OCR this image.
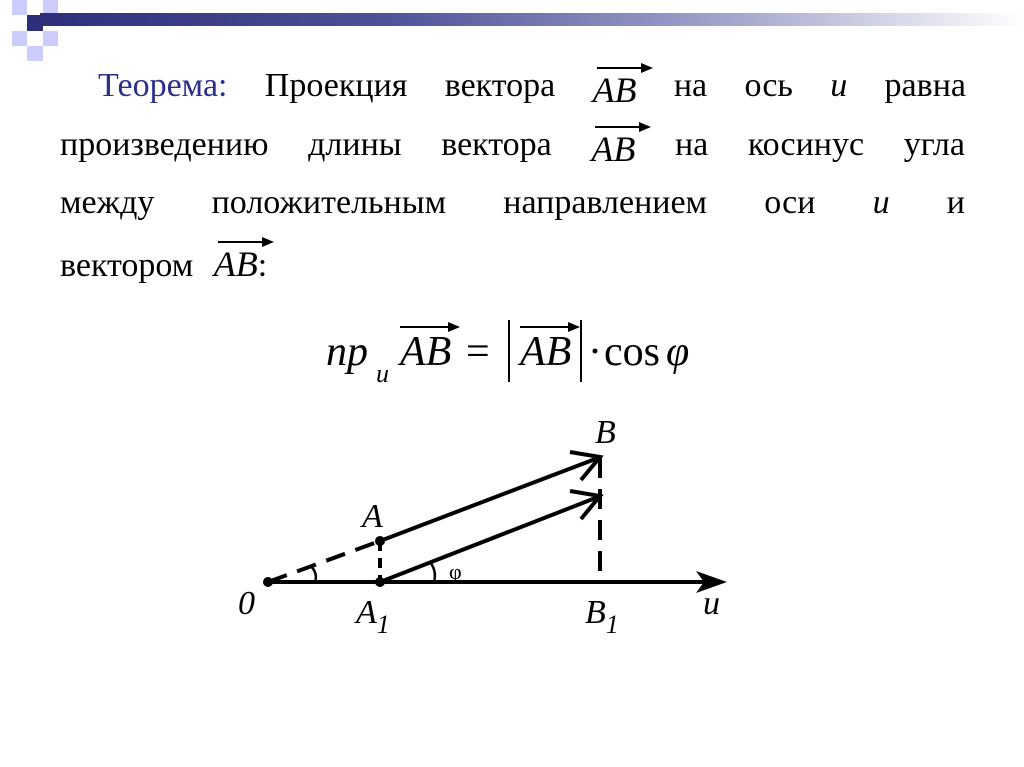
Теорема: Проекция вектора AB на ось u равна
произведению длины вектора AB на косинус угла
между положительным направлением оси u и
вектором AB:
пр u AB = AB · cos φ
B
A
φ
0	$A_1$	$B_1$
u
